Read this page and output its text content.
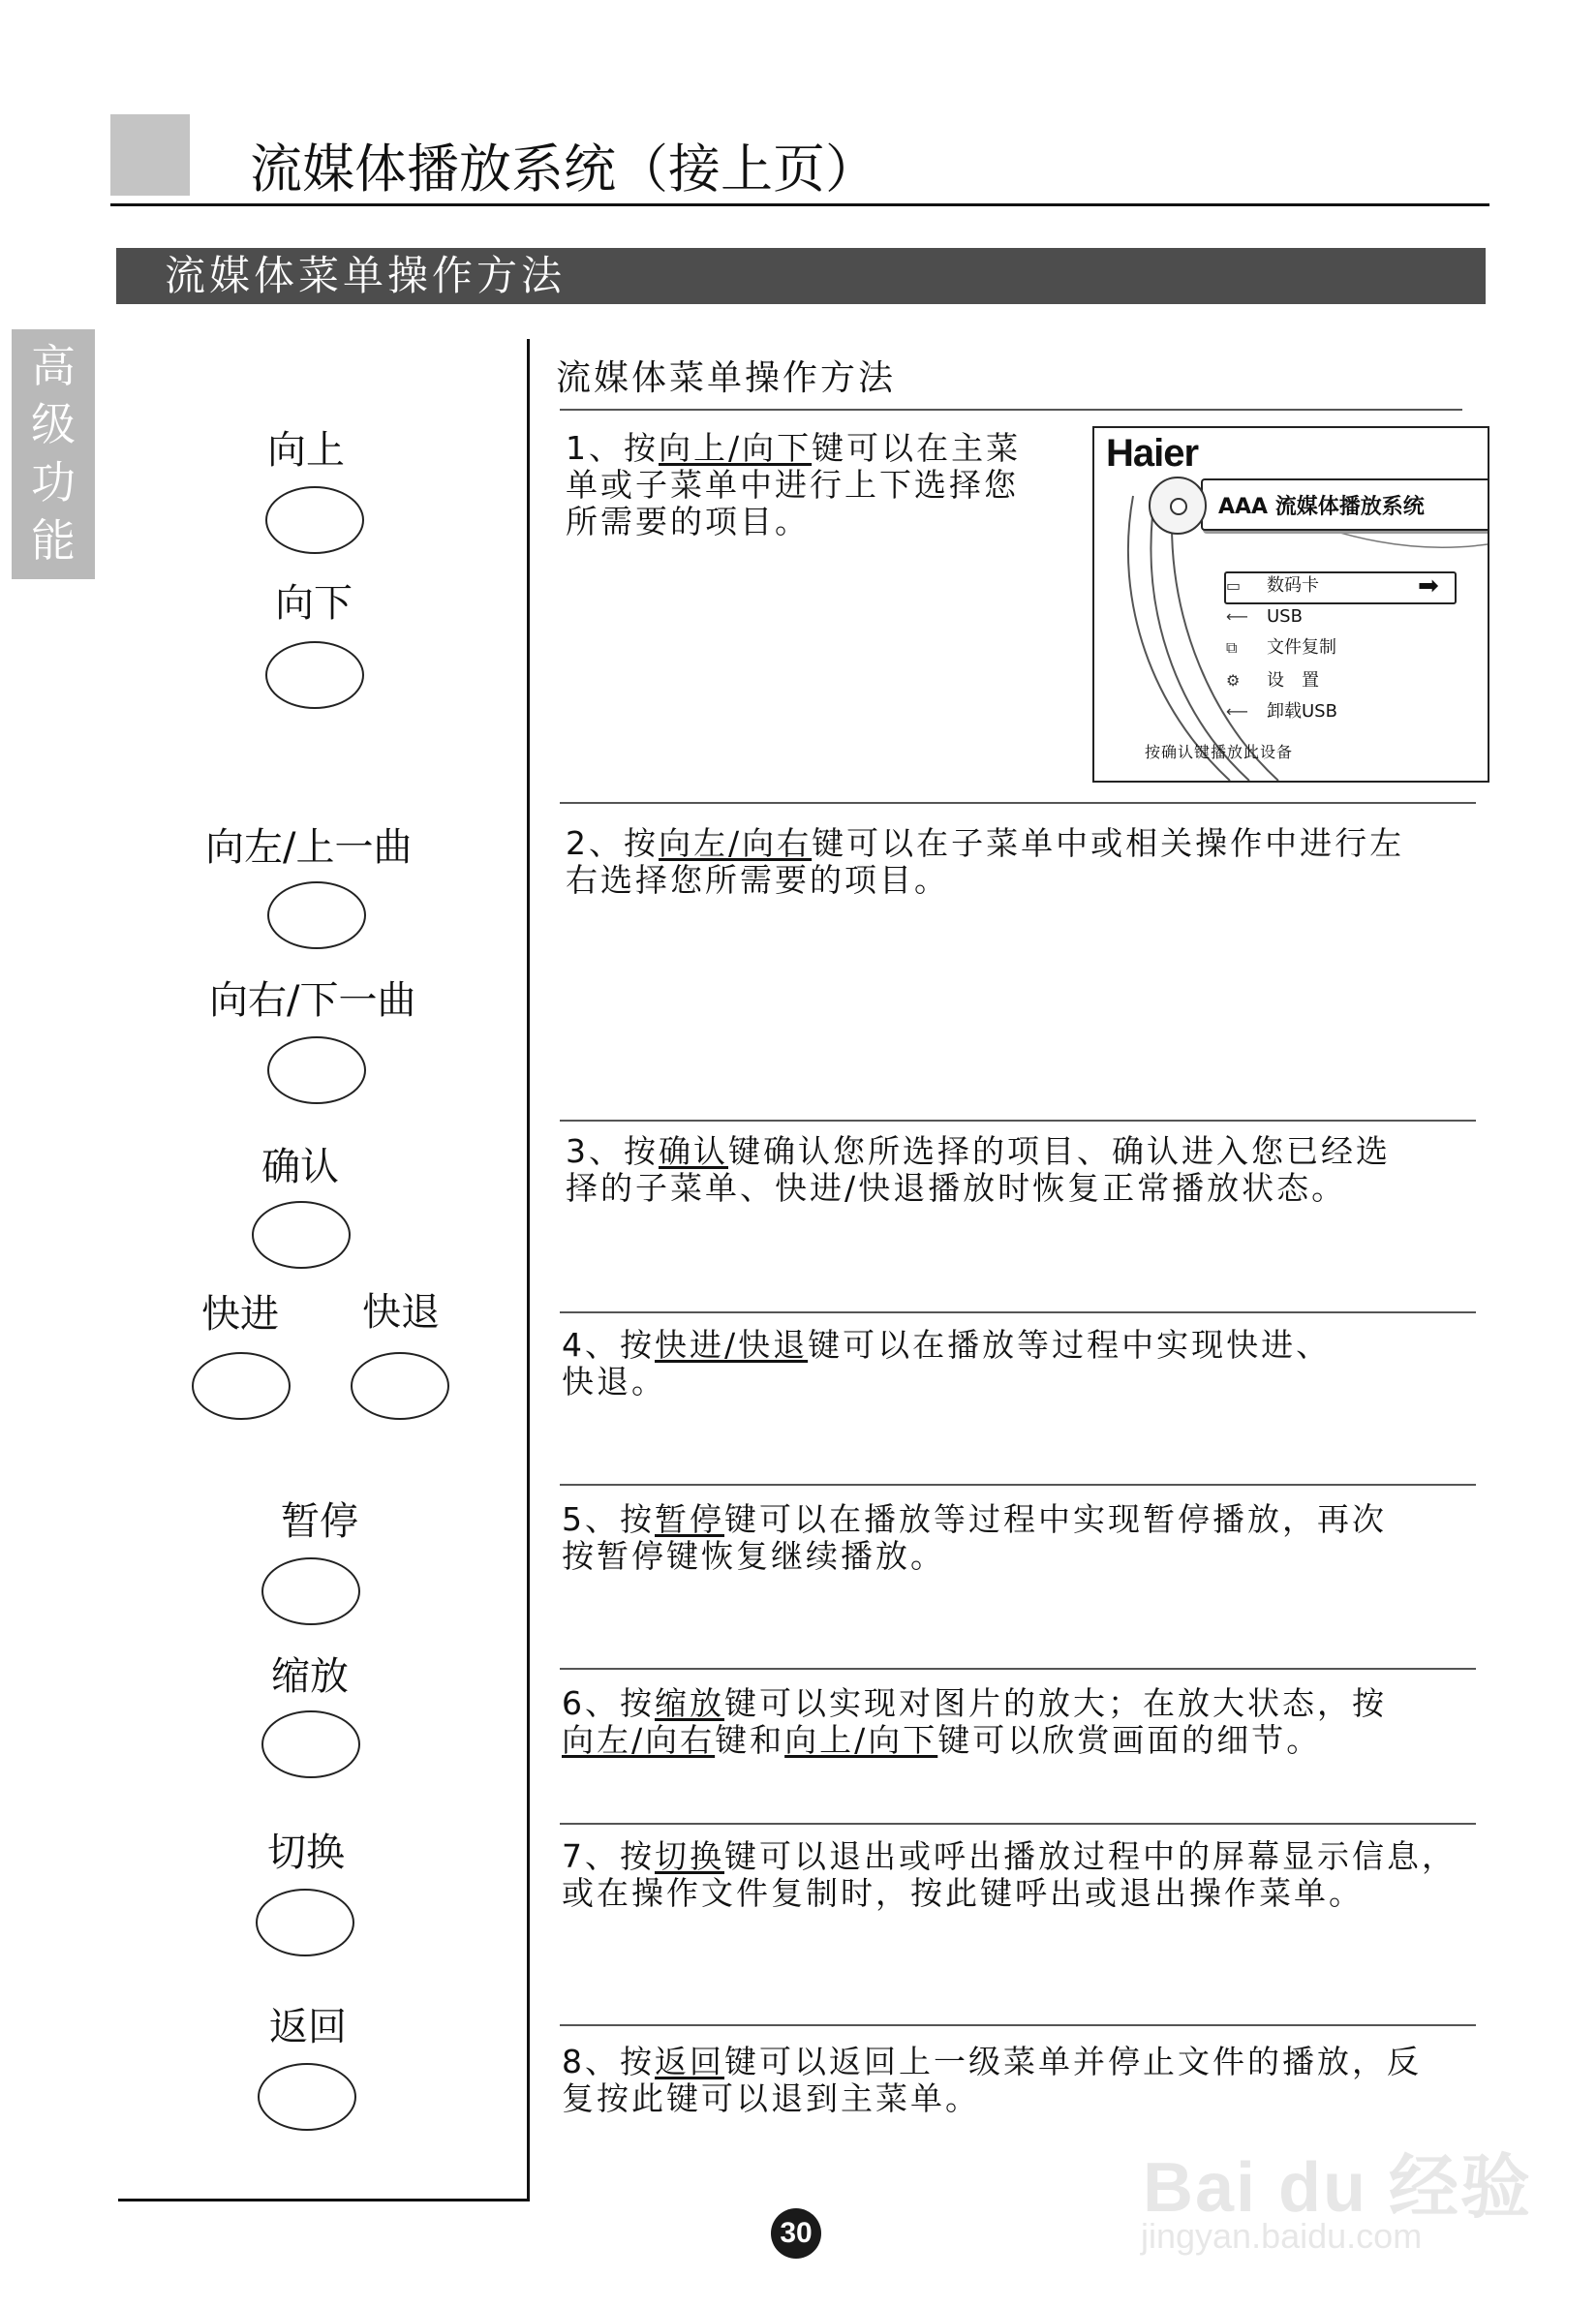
流媒体播放系统（接上页）
流媒体菜单操作方法
高
级
功
能
向上
向下
向左/上一曲
向右/下一曲
确认
快进 快退
暂停
缩放
切换
返回
流媒体菜单操作方法

1、按向上/向下键可以在主菜

单或子菜单中进行上下选择您

所需要的项目。

Haier
AAA 流媒体播放系统
▭ 数码卡	➡
⟵ USB
⧉ 文件复制
⚙ 设　置
⟵ 卸载USB
按确认键播放此设备

2、按向左/向右键可以在子菜单中或相关操作中进行左

右选择您所需要的项目。

3、按确认键确认您所选择的项目、确认进入您已经选

择的子菜单、快进/快退播放时恢复正常播放状态。

4、按快进/快退键可以在播放等过程中实现快进、

快退。

5、按暂停键可以在播放等过程中实现暂停播放，再次

按暂停键恢复继续播放。

6、按缩放键可以实现对图片的放大；在放大状态，按

向左/向右键和向上/向下键可以欣赏画面的细节。

7、按切换键可以退出或呼出播放过程中的屏幕显示信息，

或在操作文件复制时，按此键呼出或退出操作菜单。

8、按返回键可以返回上一级菜单并停止文件的播放，反

复按此键可以退到主菜单。

30
Bai du 经验
jingyan.baidu.com
